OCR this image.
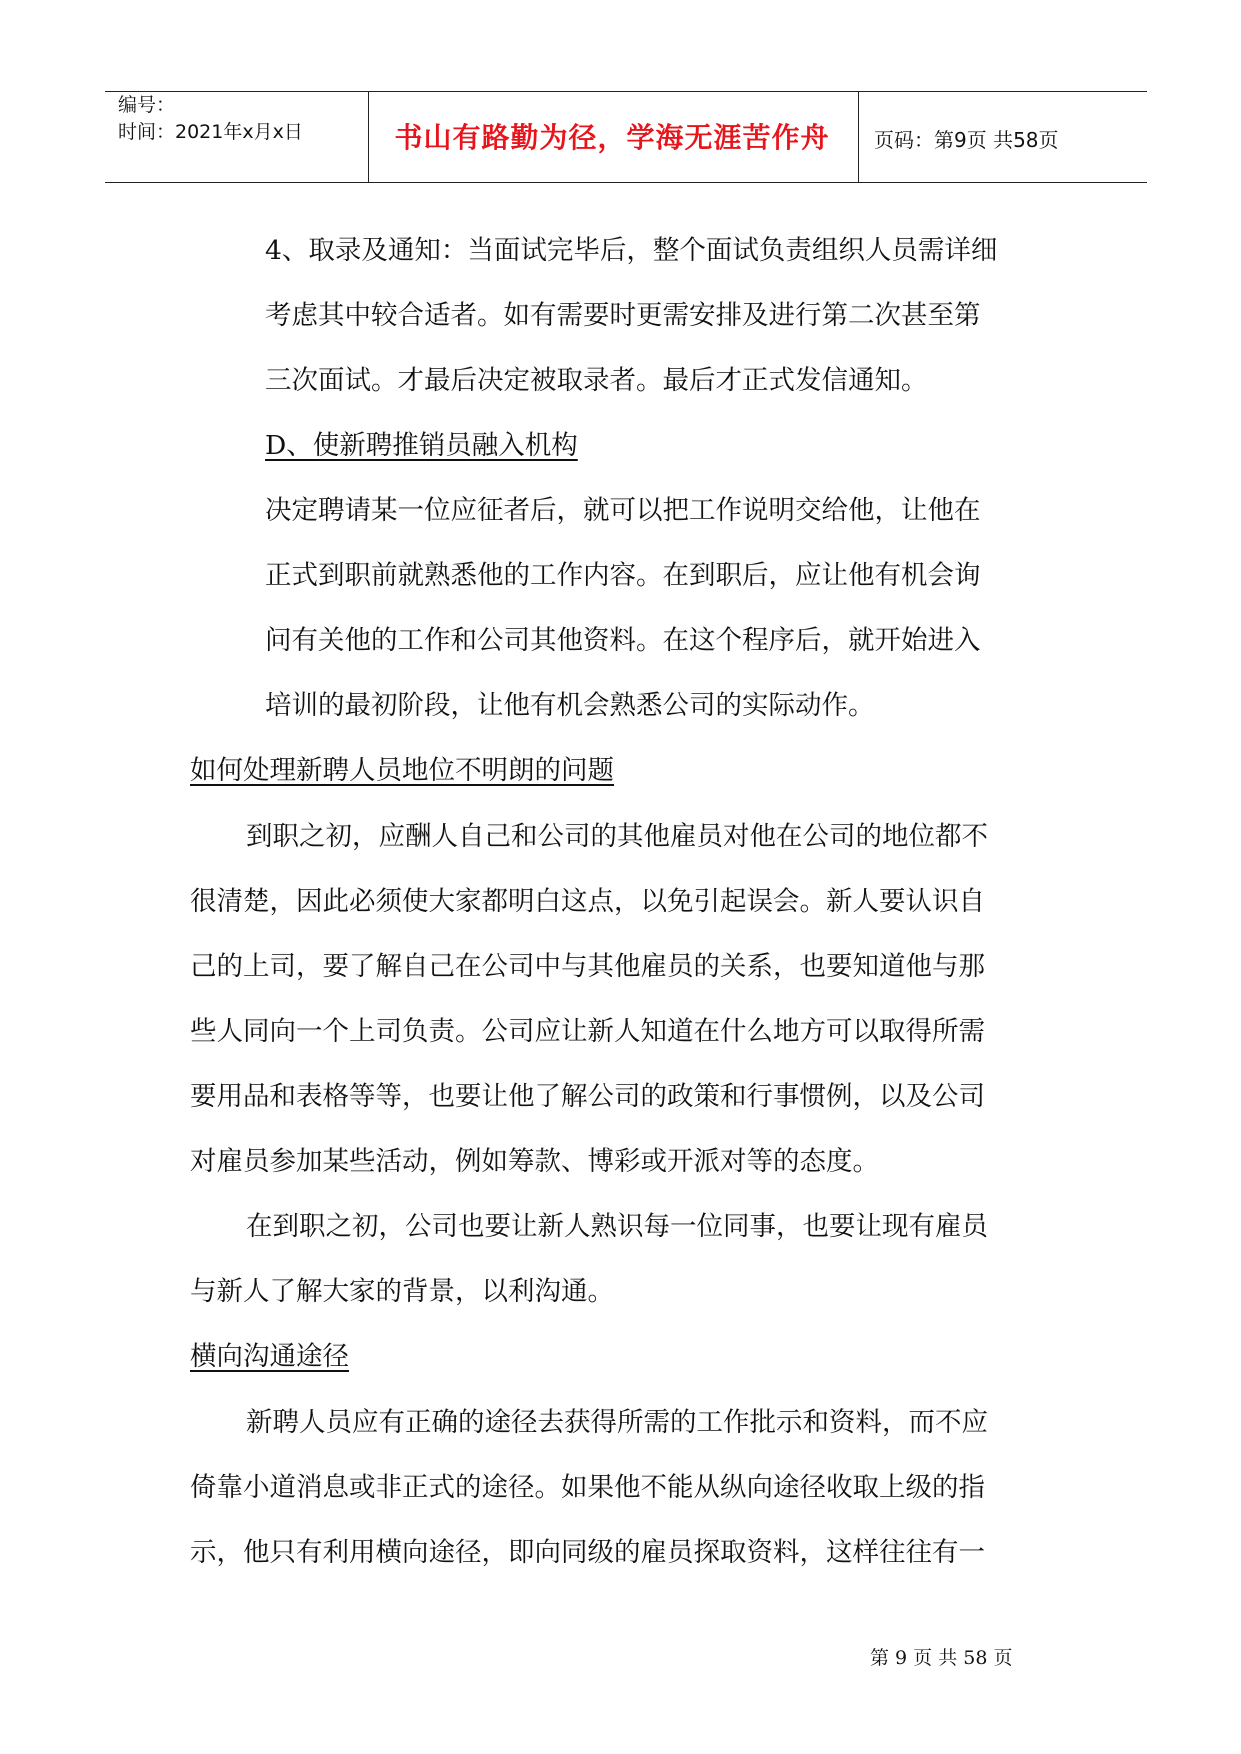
编号：
时间：2021年x月x日	书山有路勤为径，学海无涯苦作舟	页码：第9页 共58页
4、取录及通知：当面试完毕后，整个面试负责组织人员需详细
考虑其中较合适者。如有需要时更需安排及进行第二次甚至第
三次面试。才最后决定被取录者。最后才正式发信通知。
D、使新聘推销员融入机构
决定聘请某一位应征者后，就可以把工作说明交给他，让他在
正式到职前就熟悉他的工作内容。在到职后，应让他有机会询
问有关他的工作和公司其他资料。在这个程序后，就开始进入
培训的最初阶段，让他有机会熟悉公司的实际动作。
如何处理新聘人员地位不明朗的问题
到职之初，应酬人自己和公司的其他雇员对他在公司的地位都不
很清楚，因此必须使大家都明白这点，以免引起误会。新人要认识自
己的上司，要了解自己在公司中与其他雇员的关系，也要知道他与那
些人同向一个上司负责。公司应让新人知道在什么地方可以取得所需
要用品和表格等等，也要让他了解公司的政策和行事惯例，以及公司
对雇员参加某些活动，例如筹款、博彩或开派对等的态度。
在到职之初，公司也要让新人熟识每一位同事，也要让现有雇员
与新人了解大家的背景，以利沟通。
横向沟通途径
新聘人员应有正确的途径去获得所需的工作批示和资料，而不应
倚靠小道消息或非正式的途径。如果他不能从纵向途径收取上级的指
示，他只有利用横向途径，即向同级的雇员探取资料，这样往往有一
第 9 页 共 58 页
